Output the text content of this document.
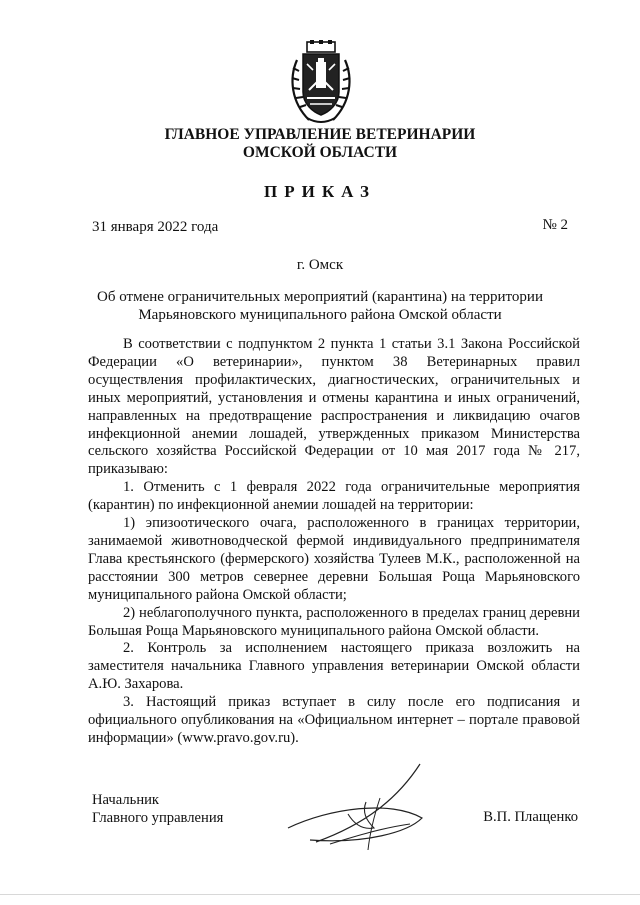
ГЛАВНОЕ УПРАВЛЕНИЕ ВЕТЕРИНАРИИ
ОМСКОЙ ОБЛАСТИ
ПРИКАЗ
31 января 2022 года	№ 2
г. Омск
Об отмене ограничительных мероприятий (карантина) на территории
Марьяновского муниципального района Омской области

В соответствии с подпунктом 2 пункта 1 статьи 3.1 Закона Российской Федерации «О ветеринарии», пунктом 38 Ветеринарных правил осуществления профилактических, диагностических, ограничительных и иных мероприятий, установления и отмены карантина и иных ограничений, направленных на предотвращение распространения и ликвидацию очагов инфекционной анемии лошадей, утвержденных приказом Министерства сельского хозяйства Российской Федерации от 10 мая 2017 года № 217, приказываю:

1. Отменить с 1 февраля 2022 года ограничительные мероприятия (карантин) по инфекционной анемии лошадей на территории:

1) эпизоотического очага, расположенного в границах территории, занимаемой животноводческой фермой индивидуального предпринимателя Глава крестьянского (фермерского) хозяйства Тулеев М.К., расположенной на расстоянии 300 метров севернее деревни Большая Роща Марьяновского муниципального района Омской области;

2) неблагополучного пункта, расположенного в пределах границ деревни Большая Роща Марьяновского муниципального района Омской области.

2. Контроль за исполнением настоящего приказа возложить на заместителя начальника Главного управления ветеринарии Омской области А.Ю. Захарова.

3. Настоящий приказ вступает в силу после его подписания и официального опубликования на «Официальном интернет – портале правовой информации» (www.pravo.gov.ru).

Начальник
Главного управления	В.П. Плащенко
